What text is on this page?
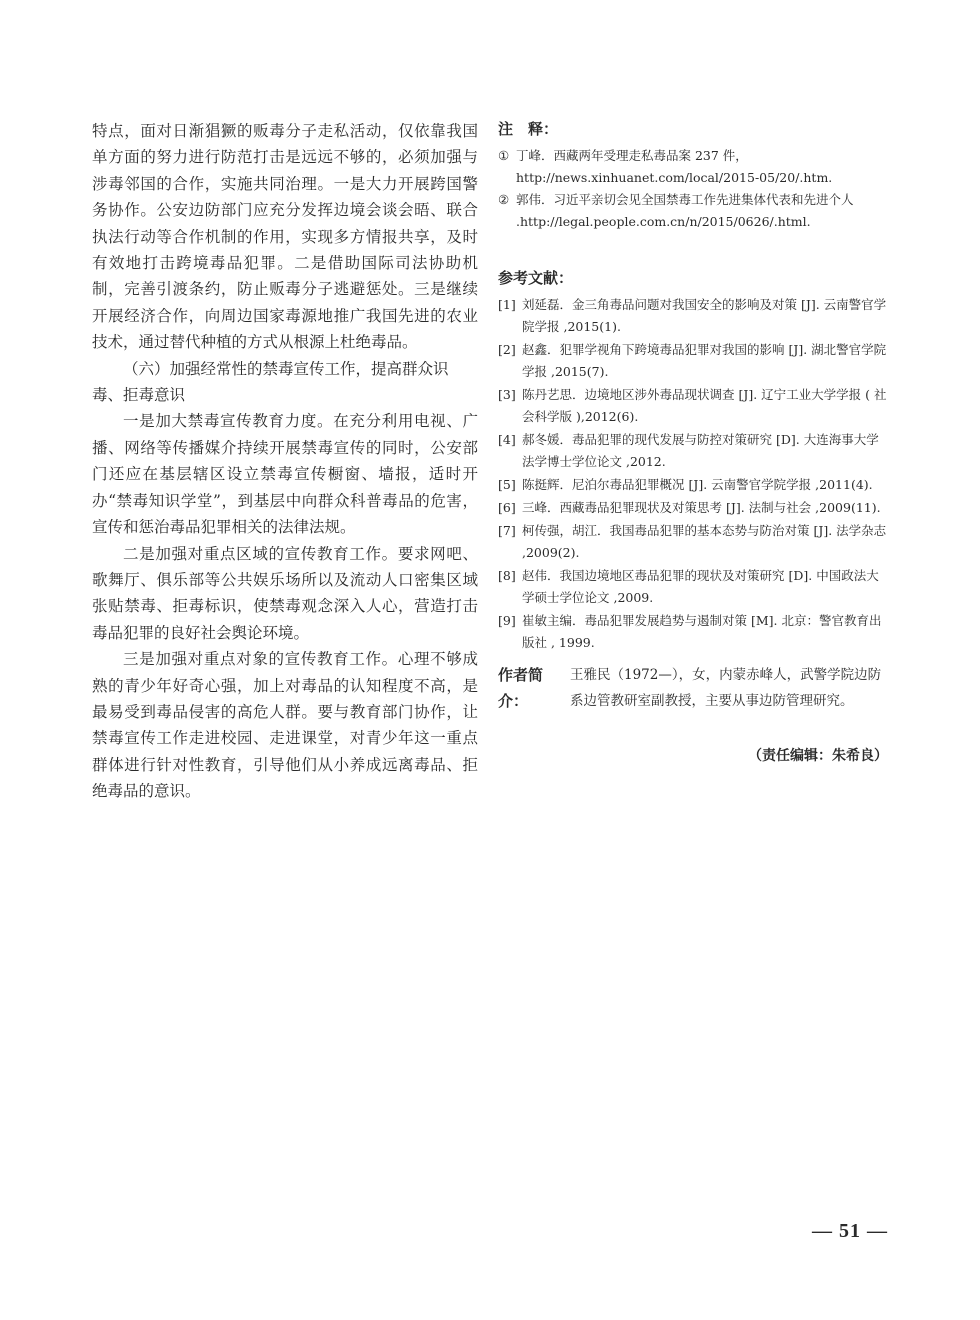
特点，面对日渐猖獗的贩毒分子走私活动，仅依靠我国单方面的努力进行防范打击是远远不够的，必须加强与涉毒邻国的合作，实施共同治理。一是大力开展跨国警务协作。公安边防部门应充分发挥边境会谈会晤、联合执法行动等合作机制的作用，实现多方情报共享，及时有效地打击跨境毒品犯罪。二是借助国际司法协助机制，完善引渡条约，防止贩毒分子逃避惩处。三是继续开展经济合作，向周边国家毒源地推广我国先进的农业技术，通过替代种植的方式从根源上杜绝毒品。

（六）加强经常性的禁毒宣传工作，提高群众识毒、拒毒意识

一是加大禁毒宣传教育力度。在充分利用电视、广播、网络等传播媒介持续开展禁毒宣传的同时，公安部门还应在基层辖区设立禁毒宣传橱窗、墙报，适时开办“禁毒知识学堂”，到基层中向群众科普毒品的危害，宣传和惩治毒品犯罪相关的法律法规。

二是加强对重点区域的宣传教育工作。要求网吧、歌舞厅、俱乐部等公共娱乐场所以及流动人口密集区域张贴禁毒、拒毒标识，使禁毒观念深入人心，营造打击毒品犯罪的良好社会舆论环境。

三是加强对重点对象的宣传教育工作。心理不够成熟的青少年好奇心强，加上对毒品的认知程度不高，是最易受到毒品侵害的高危人群。要与教育部门协作，让禁毒宣传工作走进校园、走进课堂，对青少年这一重点群体进行针对性教育，引导他们从小养成远离毒品、拒绝毒品的意识。

注　释：

① 丁峰．西藏两年受理走私毒品案 237 件，http://news.xinhuanet.com/local/2015-05/20/.htm.
② 郭伟．习近平亲切会见全国禁毒工作先进集体代表和先进个人 .http://legal.people.com.cn/n/2015/0626/.html.

参考文献：

[1] 刘延磊．金三角毒品问题对我国安全的影响及对策 [J]. 云南警官学院学报 ,2015(1).
[2] 赵鑫．犯罪学视角下跨境毒品犯罪对我国的影响 [J]. 湖北警官学院学报 ,2015(7).
[3] 陈丹艺思．边境地区涉外毒品现状调查 [J]. 辽宁工业大学学报 ( 社会科学版 ),2012(6).
[4] 郝冬媛．毒品犯罪的现代发展与防控对策研究 [D]. 大连海事大学法学博士学位论文 ,2012.
[5] 陈挺辉．尼泊尔毒品犯罪概况 [J]. 云南警官学院学报 ,2011(4).
[6] 三峰．西藏毒品犯罪现状及对策思考 [J]. 法制与社会 ,2009(11).
[7] 柯传强，胡江．我国毒品犯罪的基本态势与防治对策 [J]. 法学杂志 ,2009(2).
[8] 赵伟．我国边境地区毒品犯罪的现状及对策研究 [D]. 中国政法大学硕士学位论文 ,2009.
[9] 崔敏主编．毒品犯罪发展趋势与遏制对策 [M]. 北京：警官教育出版社 , 1999.
作者简介：
王雅民（1972—），女，内蒙赤峰人，武警学院边防系边管教研室副教授，主要从事边防管理研究。
（责任编辑：朱希良）
— 51 —
